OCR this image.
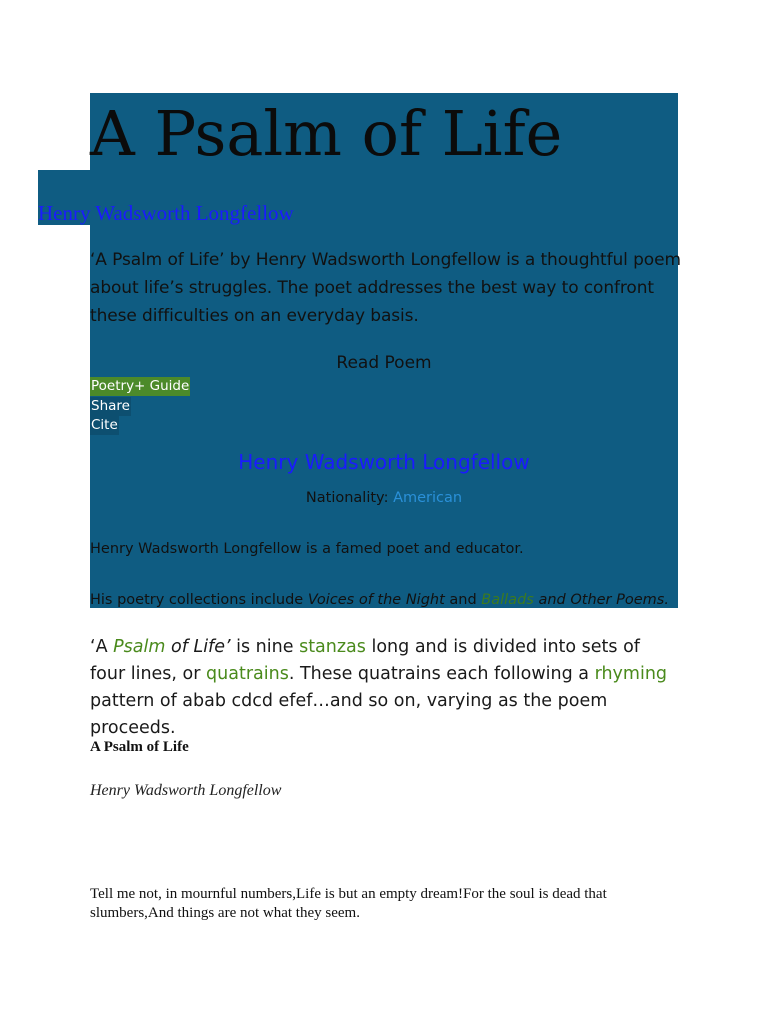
A Psalm of Life
Henry Wadsworth Longfellow

‘A Psalm of Life’ by Henry Wadsworth Longfellow is a thoughtful poem about life’s struggles. The poet addresses the best way to confront these difficulties on an everyday basis.

Read Poem
Poetry+ Guide
Share
Cite
Henry Wadsworth Longfellow
Nationality: American
Henry Wadsworth Longfellow is a famed poet and educator.
His poetry collections include Voices of the Night and Ballads and Other Poems.

‘A Psalm of Life’ is nine stanzas long and is divided into sets of four lines, or quatrains. These quatrains each following a rhyming pattern of abab cdcd efef…and so on, varying as the poem proceeds.

A Psalm of Life
Henry Wadsworth Longfellow

Tell me not, in mournful numbers,Life is but an empty dream!For the soul is dead that slumbers,And things are not what they seem.
